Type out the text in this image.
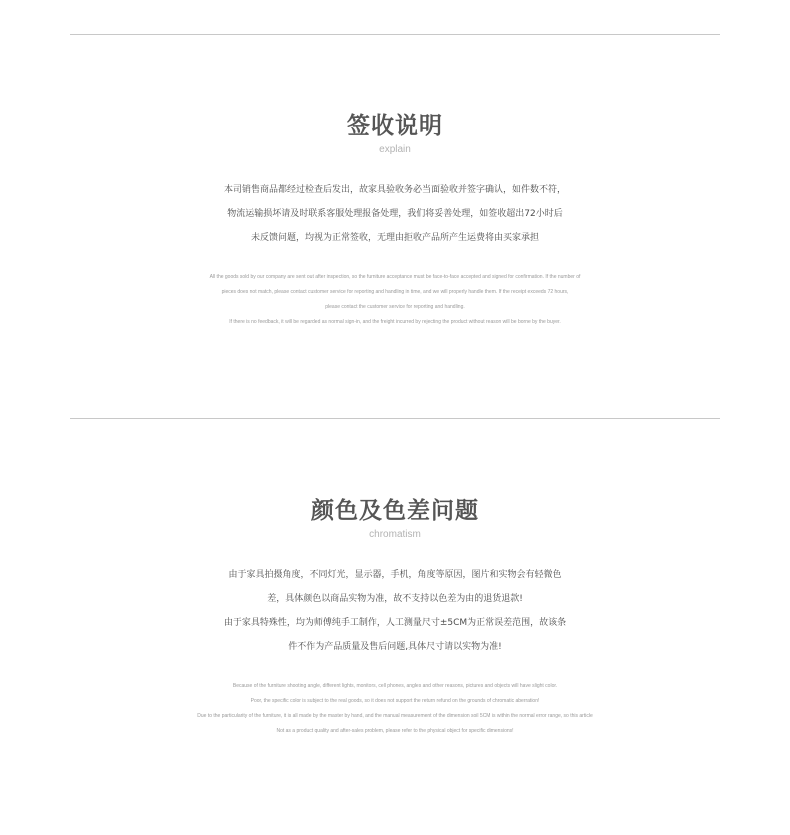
签收说明
explain
本司销售商品都经过检查后发出，故家具验收务必当面验收并签字确认，如件数不符，
物流运输损坏请及时联系客服处理报备处理，我们将妥善处理，如签收超出72小时后
未反馈问题，均视为正常签收，无理由拒收产品所产生运费将由买家承担
All the goods sold by our company are sent out after inspection, so the furniture acceptance must be face-to-face accepted and signed for confirmation. If the number of
pieces does not match, please contact customer service for reporting and handling in time, and we will properly handle them. If the receipt exceeds 72 hours,
please contact the customer service for reporting and handling.
If there is no feedback, it will be regarded as normal sign-in, and the freight incurred by rejecting the product without reason will be borne by the buyer.
颜色及色差问题
chromatism
由于家具拍摄角度，不同灯光，显示器，手机，角度等原因，图片和实物会有轻微色
差，具体颜色以商品实物为准，故不支持以色差为由的退货退款!
由于家具特殊性，均为师傅纯手工制作，人工测量尺寸±5CM为正常误差范围，故该条
件不作为产品质量及售后问题,具体尺寸请以实物为准!
Because of the furniture shooting angle, different lights, monitors, cell phones, angles and other reasons, pictures and objects will have slight color.
Poor, the specific color is subject to the real goods, so it does not support the return refund on the grounds of chromatic aberration!
Due to the particularity of the furniture, it is all made by the master by hand, and the manual measurement of the dimension soil 5CM is within the normal error range, so this article
Not as a product quality and after-sales problem, please refer to the physical object for specific dimensions!
